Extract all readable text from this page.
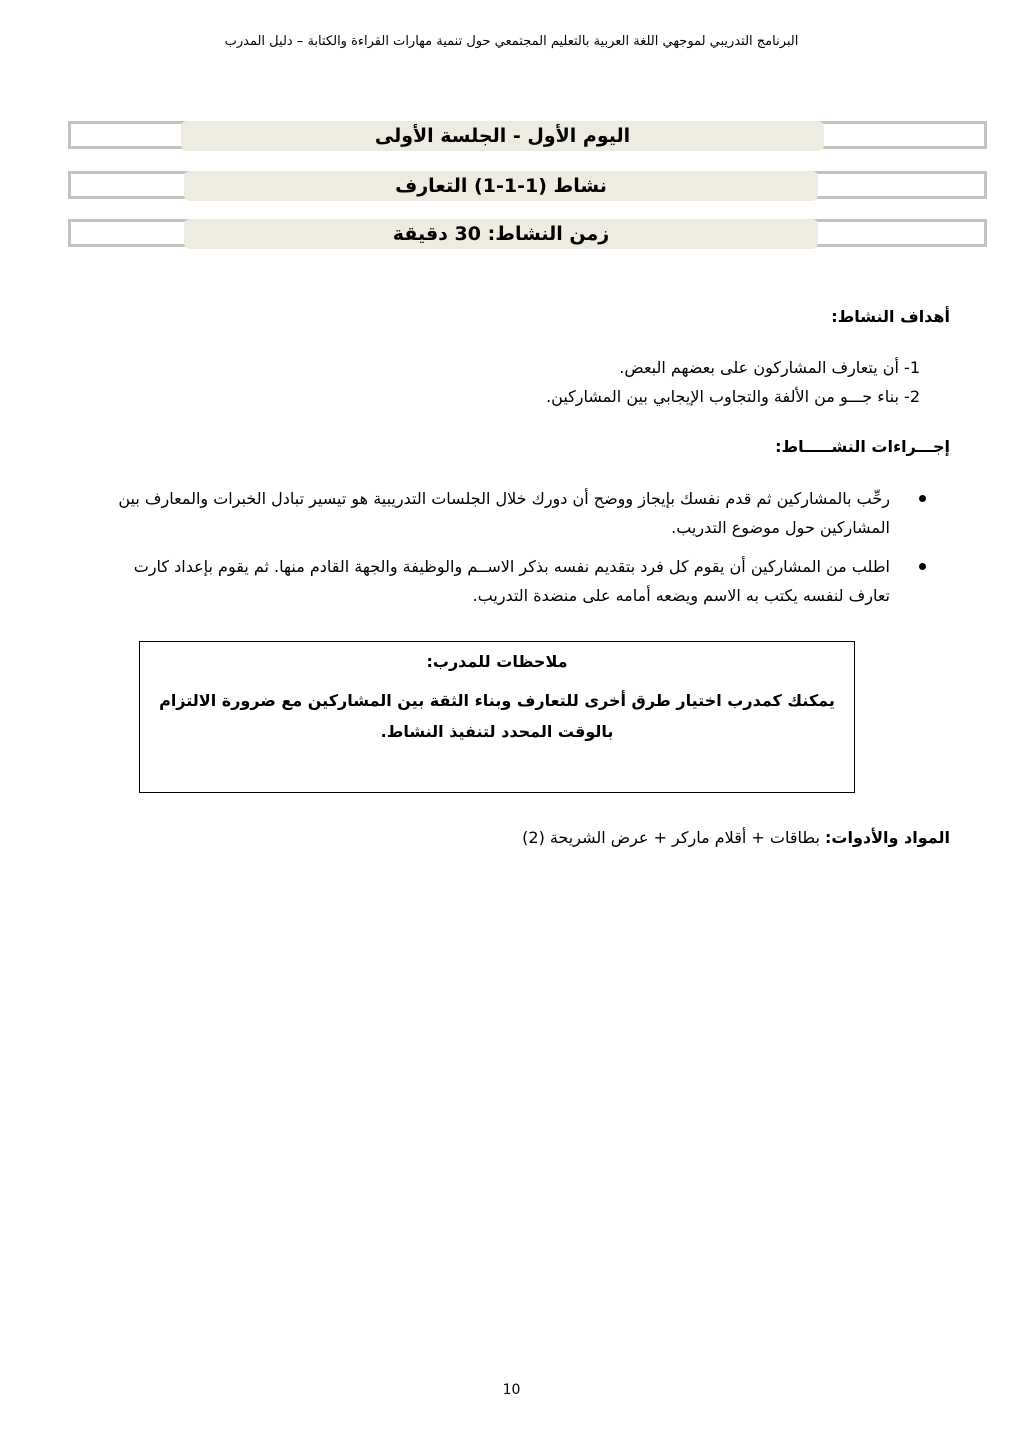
البرنامج التدريبي لموجهي اللغة العربية بالتعليم المجتمعي حول تنمية مهارات القراءة والكتابة – دليل المدرب
اليوم الأول - الجلسة الأولى
نشاط (1-1-1) التعارف
زمن النشاط: 30 دقيقة
أهداف النشاط:
1- أن يتعارف المشاركون على بعضهم البعض.
2- بناء جـــو من الألفة والتجاوب الإيجابي بين المشاركين.
إجـــراءات النشـــــاط:
رحِّب بالمشاركين ثم قدم نفسك بإيجاز ووضح أن دورك خلال الجلسات التدريبية هو تيسير تبادل الخبرات والمعارف بين المشاركين حول موضوع التدريب.
اطلب من المشاركين أن يقوم كل فرد بتقديم نفسه بذكر الاســم والوظيفة والجهة القادم منها. ثم يقوم بإعداد كارت تعارف لنفسه يكتب به الاسم ويضعه أمامه على منضدة التدريب.
ملاحظات للمدرب:
يمكنك كمدرب اختيار طرق أخرى للتعارف وبناء الثقة بين المشاركين مع ضرورة الالتزام بالوقت المحدد لتنفيذ النشاط.
المواد والأدوات: بطاقات + أقلام ماركر + عرض الشريحة (2)
10
